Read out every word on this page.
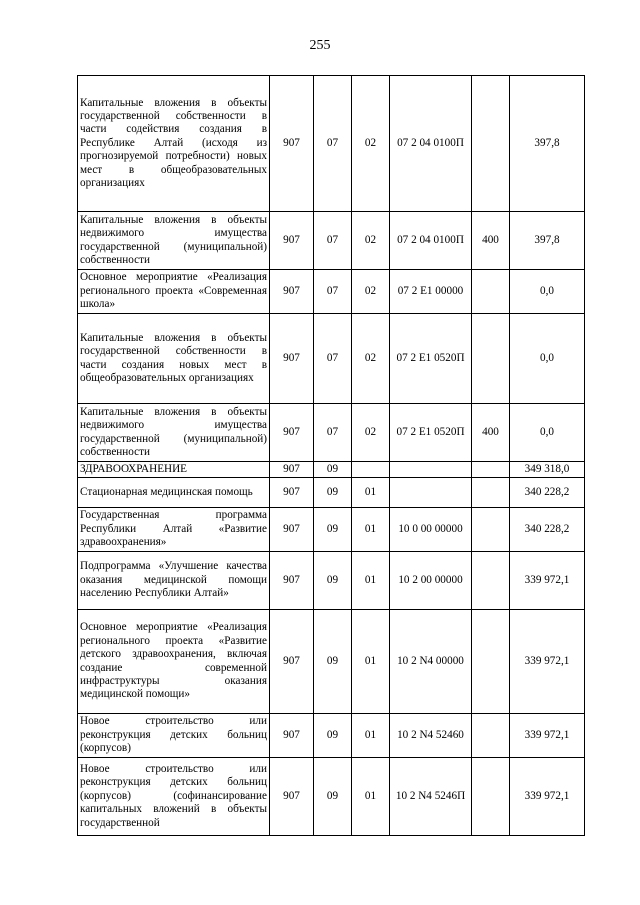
255
Капитальные вложения в объекты государственной собственности в части содействия создания в Республике Алтай (исходя из прогнозируемой потребности) новых мест в общеобразовательных организациях	907	07	02	07 2 04 0100П		397,8
Капитальные вложения в объекты недвижимого имущества государственной (муниципальной) собственности	907	07	02	07 2 04 0100П	400	397,8
Основное мероприятие «Реализация регионального проекта «Современная школа»	907	07	02	07 2 E1 00000		0,0
Капитальные вложения в объекты государственной собственности в части создания новых мест в общеобразовательных организациях	907	07	02	07 2 E1 0520П		0,0
Капитальные вложения в объекты недвижимого имущества государственной (муниципальной) собственности	907	07	02	07 2 E1 0520П	400	0,0
ЗДРАВООХРАНЕНИЕ	907	09				349 318,0
Стационарная медицинская помощь	907	09	01			340 228,2
Государственная программа Республики Алтай «Развитие здравоохранения»	907	09	01	10 0 00 00000		340 228,2
Подпрограмма «Улучшение качества оказания медицинской помощи населению Республики Алтай»	907	09	01	10 2 00 00000		339 972,1
Основное мероприятие «Реализация регионального проекта «Развитие детского здравоохранения, включая создание современной инфраструктуры оказания медицинской помощи»	907	09	01	10 2 N4 00000		339 972,1
Новое строительство или реконструкция детских больниц (корпусов)	907	09	01	10 2 N4 52460		339 972,1
Новое строительство или реконструкция детских больниц (корпусов) (софинансирование капитальных вложений в объекты государственной	907	09	01	10 2 N4 5246П		339 972,1
